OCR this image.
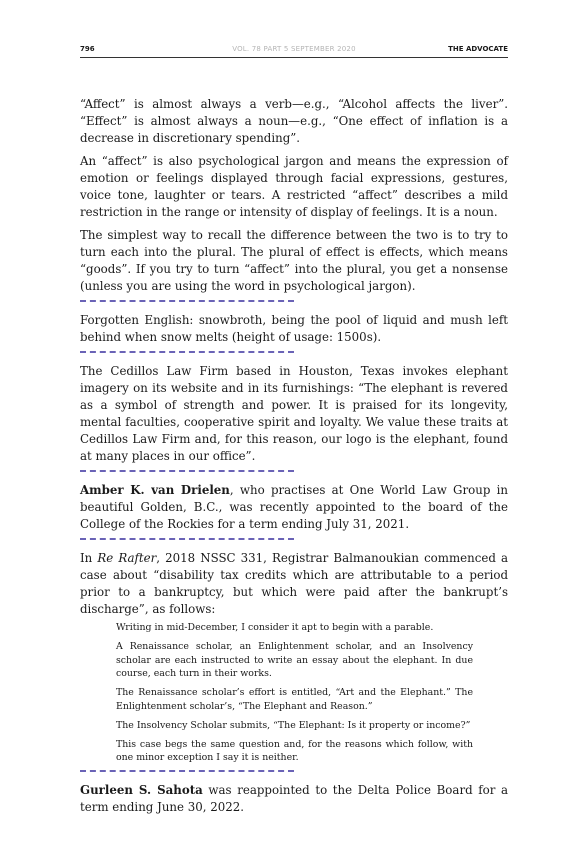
796	VOL. 78 PART 5 SEPTEMBER 2020	THE ADVOCATE

“Affect” is almost always a verb—e.g., “Alcohol affects the liver”. “Effect” is almost always a noun—e.g., “One effect of inflation is a decrease in discretionary spending”.

An “affect” is also psychological jargon and means the expression of emotion or feelings displayed through facial expressions, gestures, voice tone, laughter or tears. A restricted “affect” describes a mild restriction in the range or intensity of display of feelings. It is a noun.

The simplest way to recall the difference between the two is to try to turn each into the plural. The plural of effect is effects, which means “goods”. If you try to turn “affect” into the plural, you get a nonsense (unless you are using the word in psychological jargon).

Forgotten English: snowbroth, being the pool of liquid and mush left behind when snow melts (height of usage: 1500s).

The Cedillos Law Firm based in Houston, Texas invokes elephant imagery on its website and in its furnishings: “The elephant is revered as a symbol of strength and power. It is praised for its longevity, mental faculties, cooperative spirit and loyalty. We value these traits at Cedillos Law Firm and, for this reason, our logo is the elephant, found at many places in our office”.

Amber K. van Drielen, who practises at One World Law Group in beautiful Golden, B.C., was recently appointed to the board of the College of the Rockies for a term ending July 31, 2021.

In Re Rafter, 2018 NSSC 331, Registrar Balmanoukian commenced a case about “disability tax credits which are attributable to a period prior to a bankruptcy, but which were paid after the bankrupt’s discharge”, as follows:

Writing in mid-December, I consider it apt to begin with a parable.

A Renaissance scholar, an Enlightenment scholar, and an Insolvency scholar are each instructed to write an essay about the elephant. In due course, each turn in their works.

The Renaissance scholar’s effort is entitled, “Art and the Elephant.” The Enlightenment scholar’s, “The Elephant and Reason.”

The Insolvency Scholar submits, “The Elephant: Is it property or income?”

This case begs the same question and, for the reasons which follow, with one minor exception I say it is neither.

Gurleen S. Sahota was reappointed to the Delta Police Board for a term ending June 30, 2022.
